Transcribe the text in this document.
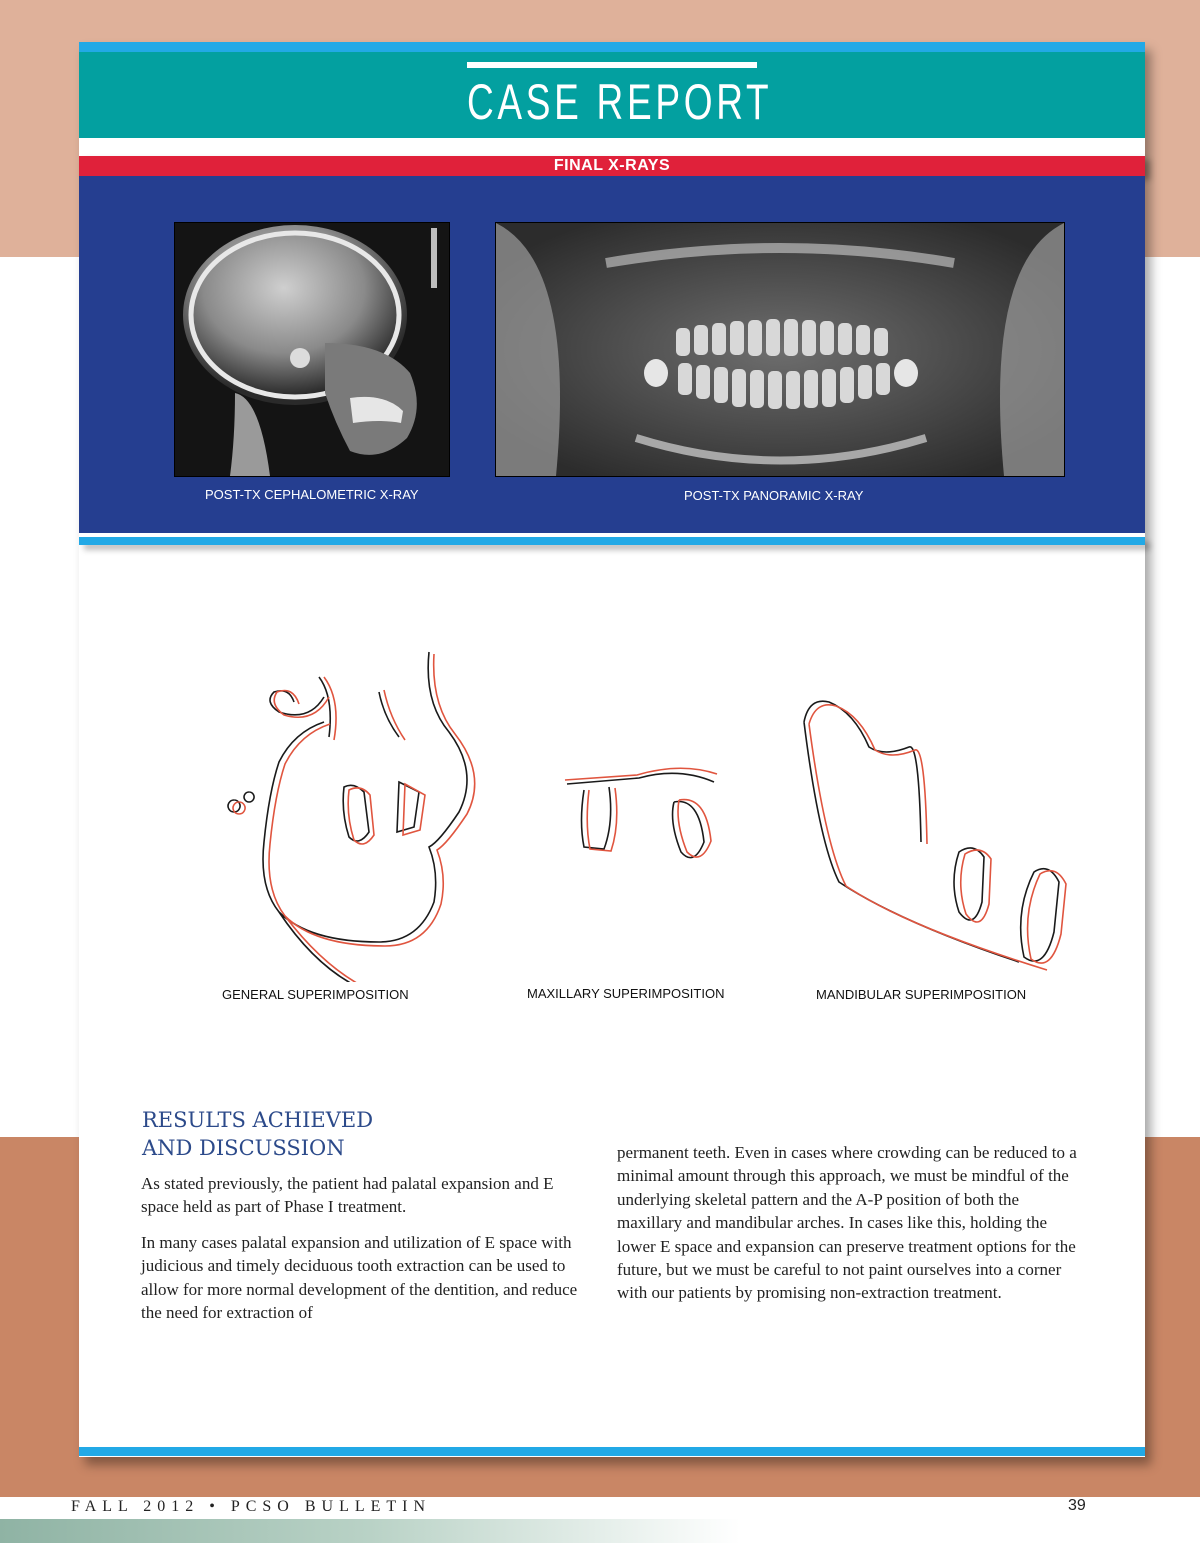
CASE REPORT
FINAL X-RAYS
POST-TX CEPHALOMETRIC X-RAY	POST-TX PANORAMIC X-RAY
GENERAL SUPERIMPOSITION	MAXILLARY SUPERIMPOSITION	MANDIBULAR SUPERIMPOSITION
RESULTS ACHIEVED
AND DISCUSSION

As stated previously, the patient had palatal expansion and E space held as part of Phase I treatment.

In many cases palatal expansion and utilization of E space with judicious and timely deciduous tooth extraction can be used to allow for more normal development of the dentition, and reduce the need for extraction of

permanent teeth. Even in cases where crowding can be reduced to a minimal amount through this approach, we must be mindful of the underlying skeletal pattern and the A-P position of both the maxillary and mandibular arches. In cases like this, holding the lower E space and expansion can preserve treatment options for the future, but we must be careful to not paint ourselves into a corner with our patients by promising non-extraction treatment.

FALL 2012 • PCSO BULLETIN	39
